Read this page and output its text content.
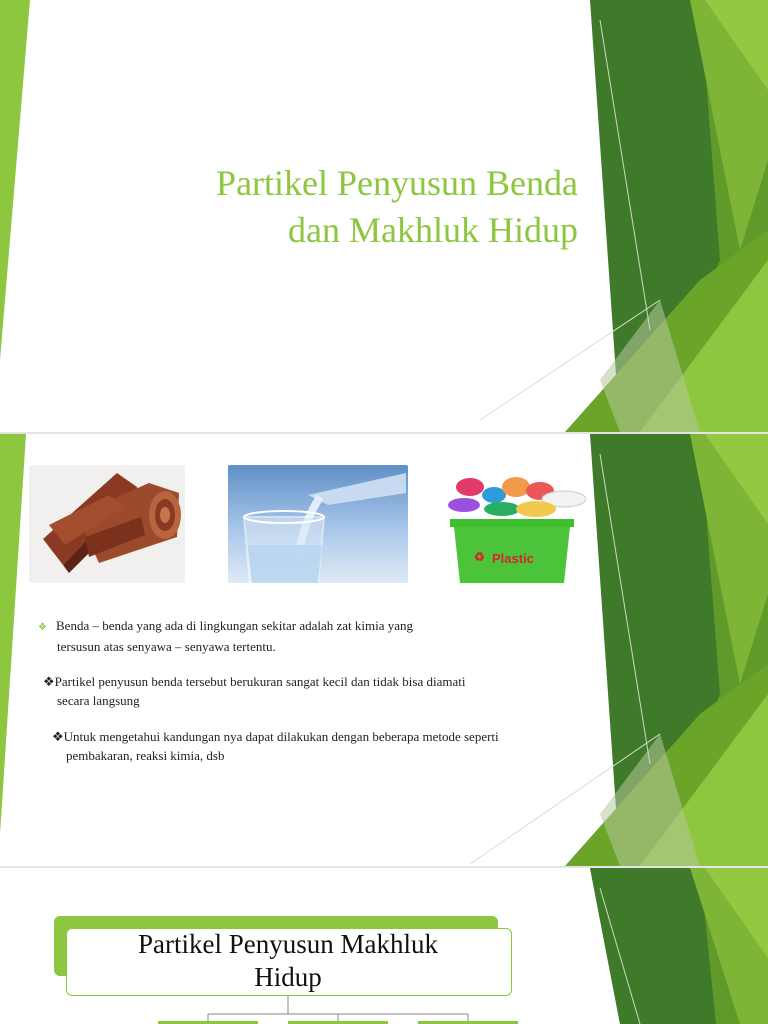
Partikel Penyusun Benda
dan Makhluk Hidup
♻ Plastic
❖ Benda – benda yang ada di lingkungan sekitar adalah zat kimia yang
tersusun atas senyawa – senyawa tertentu.
❖Partikel penyusun benda tersebut berukuran sangat kecil dan tidak bisa diamati
secara langsung
❖Untuk mengetahui kandungan nya dapat dilakukan dengan beberapa metode seperti
pembakaran, reaksi kimia, dsb
Partikel Penyusun Makhluk
Hidup
